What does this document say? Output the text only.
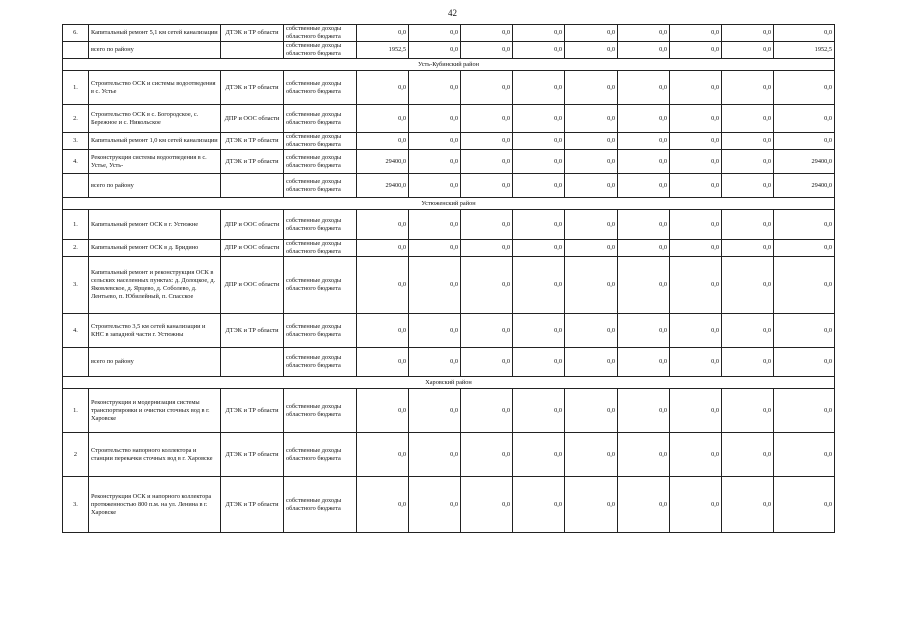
42
6.	Капитальный ремонт 5,1 км сетей канализации	ДТЭК и ТР области	собственные доходы областного бюджета	0,0	0,0	0,0	0,0	0,0	0,0	0,0	0,0	0,0
	всего по району		собственные доходы областного бюджета	1952,5	0,0	0,0	0,0	0,0	0,0	0,0	0,0	1952,5
Усть-Кубинский район												
1.	Строительство ОСК и системы водоотведения в с. Устье	ДТЭК и ТР области	собственные доходы областного бюджета	0,0	0,0	0,0	0,0	0,0	0,0	0,0	0,0	0,0
2.	Строительство ОСК в с. Богородское, с. Бережное и с. Никольское	ДПР и ООС области	собственные доходы областного бюджета	0,0	0,0	0,0	0,0	0,0	0,0	0,0	0,0	0,0
3.	Капитальный ремонт 1,0 км сетей канализации	ДТЭК и ТР области	собственные доходы областного бюджета	0,0	0,0	0,0	0,0	0,0	0,0	0,0	0,0	0,0
4.	Реконструкция системы водоотведения в с. Устье, Усть-	ДТЭК и ТР области	собственные доходы областного бюджета	29400,0	0,0	0,0	0,0	0,0	0,0	0,0	0,0	29400,0
	всего по району		собственные доходы областного бюджета	29400,0	0,0	0,0	0,0	0,0	0,0	0,0	0,0	29400,0
Устюженский район												
1.	Капитальный ремонт ОСК в г. Устюжне	ДПР и ООС области	собственные доходы областного бюджета	0,0	0,0	0,0	0,0	0,0	0,0	0,0	0,0	0,0
2.	Капитальный ремонт ОСК в д. Бридино	ДПР и ООС области	собственные доходы областного бюджета	0,0	0,0	0,0	0,0	0,0	0,0	0,0	0,0	0,0
3.	Капитальный ремонт и реконструкция ОСК в сельских населенных пунктах: д. Долоцкое, д. Яковлевское, д. Ярцево, д. Соболево, д. Лентьево, п. Юбилейный, п. Спасское	ДПР и ООС области	собственные доходы областного бюджета	0,0	0,0	0,0	0,0	0,0	0,0	0,0	0,0	0,0
4.	Строительство 3,5 км сетей канализации и КНС в западной части г. Устюжны	ДТЭК и ТР области	собственные доходы областного бюджета	0,0	0,0	0,0	0,0	0,0	0,0	0,0	0,0	0,0
	всего по району		собственные доходы областного бюджета	0,0	0,0	0,0	0,0	0,0	0,0	0,0	0,0	0,0
Харовский район												
1.	Реконструкция и модернизация системы транспортировки и очистки сточных вод в г. Харовске	ДТЭК и ТР области	собственные доходы областного бюджета	0,0	0,0	0,0	0,0	0,0	0,0	0,0	0,0	0,0
2	Строительство напорного коллектора и станции перекачки сточных вод в г. Харовске	ДТЭК и ТР области	собственные доходы областного бюджета	0,0	0,0	0,0	0,0	0,0	0,0	0,0	0,0	0,0
3.	Реконструкция ОСК и напорного коллектора протяженностью 800 п.м. на ул. Ленина в г. Харовске	ДТЭК и ТР области	собственные доходы областного бюджета	0,0	0,0	0,0	0,0	0,0	0,0	0,0	0,0	0,0
